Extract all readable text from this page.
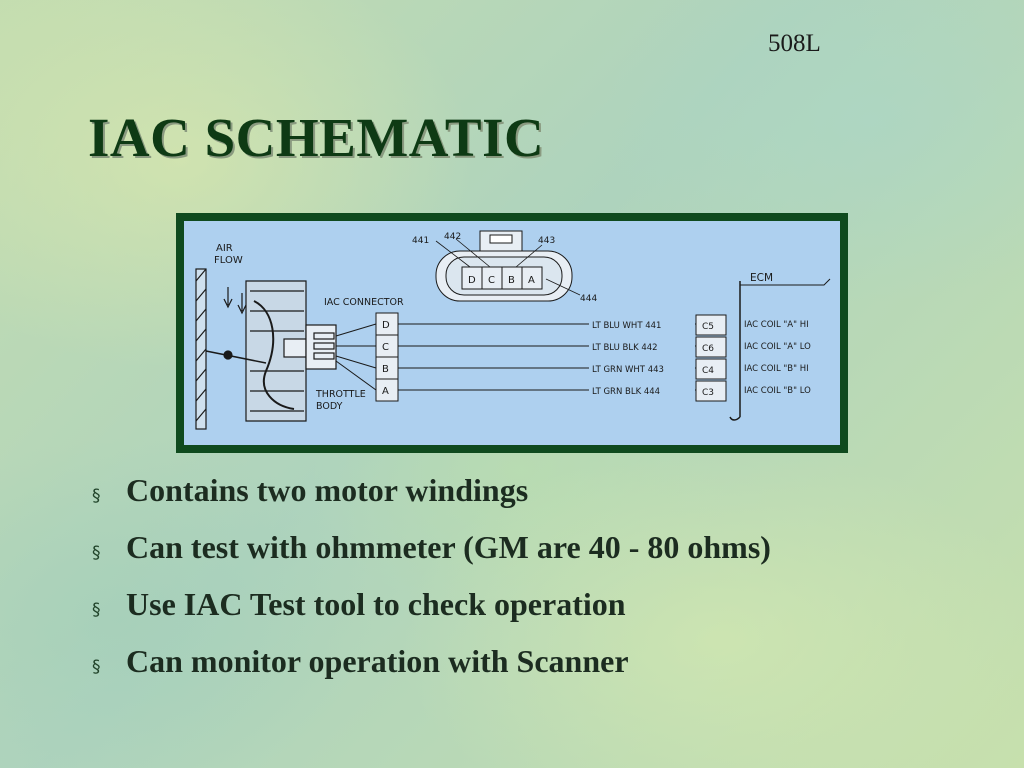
508L
IAC SCHEMATIC
AIR
FLOW
THROTTLE
BODY
IAC CONNECTOR
D
C
B
A
D C B A
441 442	443
444
LT BLU WHT 441
LT BLU BLK 442
LT GRN WHT 443
LT GRN BLK 444
C5
C6
C4
C3
ECM
IAC COIL "A" HI
IAC COIL "A" LO
IAC COIL "B" HI
IAC COIL "B" LO
§ Contains two motor windings
§ Can test with ohmmeter (GM are 40 - 80 ohms)
§ Use IAC Test tool to check operation
§ Can monitor operation with Scanner
